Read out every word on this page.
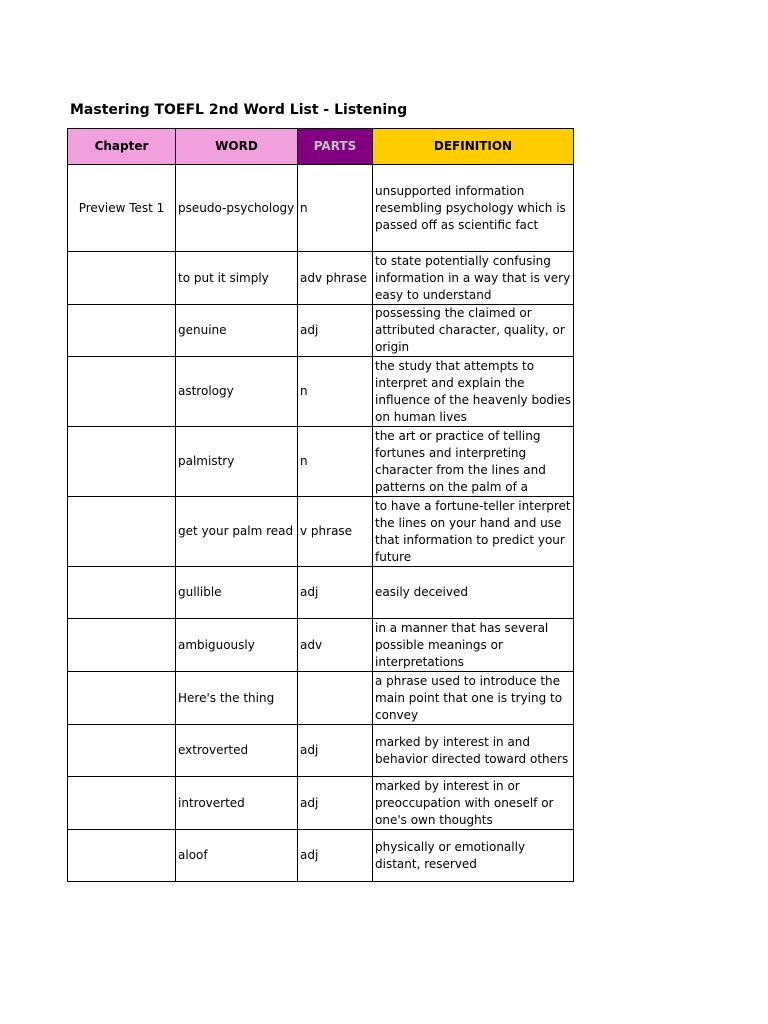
Mastering TOEFL 2nd Word List - Listening
Chapter	WORD	PARTS	DEFINITION
Preview Test 1	pseudo-psychology	n	unsupported information resembling psychology which is passed off as scientific fact

	to put it simply	adv phrase	to state potentially confusing information in a way that is very easy to understand

	genuine	adj	possessing the claimed or attributed character, quality, or origin

	astrology	n	the study that attempts to interpret and explain the influence of the heavenly bodies on human lives

	palmistry	n	the art or practice of telling fortunes and interpreting character from the lines and patterns on the palm of a

	get your palm read	v phrase	to have a fortune-teller interpret the lines on your hand and use that information to predict your future

	gullible	adj	easily deceived

	ambiguously	adv	in a manner that has several possible meanings or interpretations

	Here's the thing		a phrase used to introduce the main point that one is trying to convey

	extroverted	adj	marked by interest in and behavior directed toward others

	introverted	adj	marked by interest in or preoccupation with oneself or one's own thoughts

	aloof	adj	physically or emotionally distant, reserved
